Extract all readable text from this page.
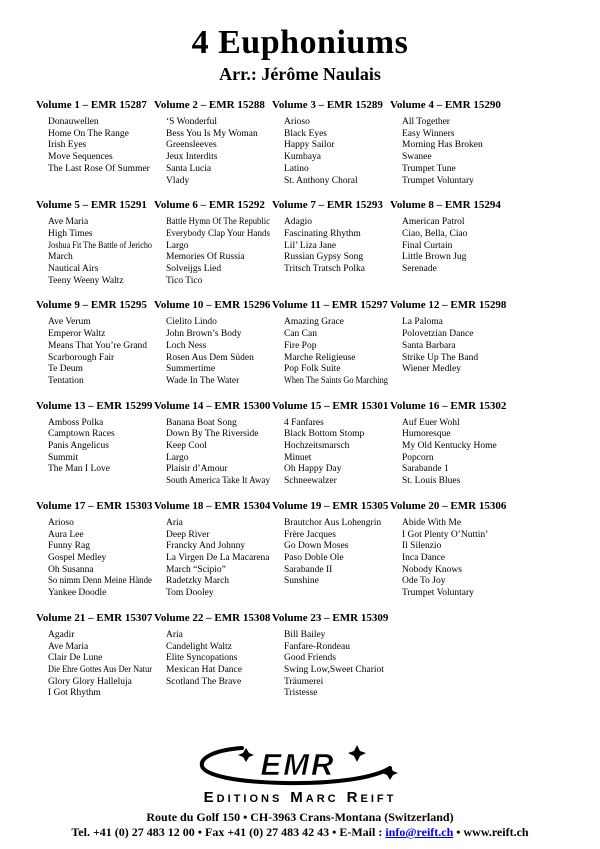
4 Euphoniums
Arr.: Jérôme Naulais
Volume 1 – EMR 15287
Donauwellen
Home On The Range
Irish Eyes
Move Sequences
The Last Rose Of Summer
Volume 2 – EMR 15288
‘S Wonderful
Bess You Is My Woman
Greensleeves
Jeux Interdits
Santa Lucia
Vlady
Volume 3 – EMR 15289
Arioso
Black Eyes
Happy Sailor
Kumbaya
Latino
St. Anthony Choral
Volume 4 – EMR 15290
All Together
Easy Winners
Morning Has Broken
Swanee
Trumpet Tune
Trumpet Voluntary
Volume 5 – EMR 15291
Ave Maria
High Times
Joshua Fit The Battle of Jericho
March
Nautical Airs
Teeny Weeny Waltz
Volume 6 – EMR 15292
Battle Hymn Of The Republic
Everybody Clap Your Hands
Largo
Memories Of Russia
Solveijgs Lied
Tico Tico
Volume 7 – EMR 15293
Adagio
Fascinating Rhythm
Lil’ Liza Jane
Russian Gypsy Song
Tritsch Tratsch Polka
Volume 8 – EMR 15294
American Patrol
Ciao, Bella, Ciao
Final Curtain
Little Brown Jug
Serenade
Volume 9 – EMR 15295
Ave Verum
Emperor Waltz
Means That You’re Grand
Scarborough Fair
Te Deum
Tentation
Volume 10 – EMR 15296
Cielito Lindo
John Brown’s Body
Loch Ness
Rosen Aus Dem Süden
Summertime
Wade In The Water
Volume 11 – EMR 15297
Amazing Grace
Can Can
Fire Pop
Marche Religieuse
Pop Folk Suite
When The Saints Go Marching
Volume 12 – EMR 15298
La Paloma
Polovetzian Dance
Santa Barbara
Strike Up The Band
Wiener Medley
Volume 13 – EMR 15299
Amboss Polka
Camptown Races
Panis Angelicus
Summit
The Man I Love
Volume 14 – EMR 15300
Banana Boat Song
Down By The Riverside
Keep Cool
Largo
Plaisir d’Amour
South America Take It Away
Volume 15 – EMR 15301
4 Fanfares
Black Bottom Stomp
Hochzeitsmarsch
Minuet
Oh Happy Day
Schneewalzer
Volume 16 – EMR 15302
Auf Euer Wohl
Humoresque
My Old Kentucky Home
Popcorn
Sarabande 1
St. Louis Blues
Volume 17 – EMR 15303
Arioso
Aura Lee
Funny Rag
Gospel Medley
Oh Susanna
So nimm Denn Meine Hände
Yankee Doodle
Volume 18 – EMR 15304
Aria
Deep River
Francky And Johnny
La Virgen De La Macarena
March “Scipio”
Radetzky March
Tom Dooley
Volume 19 – EMR 15305
Brautchor Aus Lohengrin
Frère Jacques
Go Down Moses
Paso Doble Ole
Sarabande II
Sunshine
Volume 20 – EMR 15306
Abide With Me
I Got Plenty O’Nuttin’
Il Silenzio
Inca Dance
Nobody Knows
Ode To Joy
Trumpet Voluntary
Volume 21 – EMR 15307
Agadir
Ave Maria
Clair De Lune
Die Ehre Gottes Aus Der Natur
Glory Glory Halleluja
I Got Rhythm
Volume 22 – EMR 15308
Aria
Candelight Waltz
Elite Syncopations
Mexican Hat Dance
Scotland The Brave
Volume 23 – EMR 15309
Bill Bailey
Fanfare-Rondeau
Good Friends
Swing Low,Sweet Chariot
Träumerei
Tristesse
EMR
EDITIONS MARC REIFT
Route du Golf 150 • CH-3963 Crans-Montana (Switzerland)
Tel. +41 (0) 27 483 12 00 • Fax +41 (0) 27 483 42 43 • E-Mail : info@reift.ch • www.reift.ch
